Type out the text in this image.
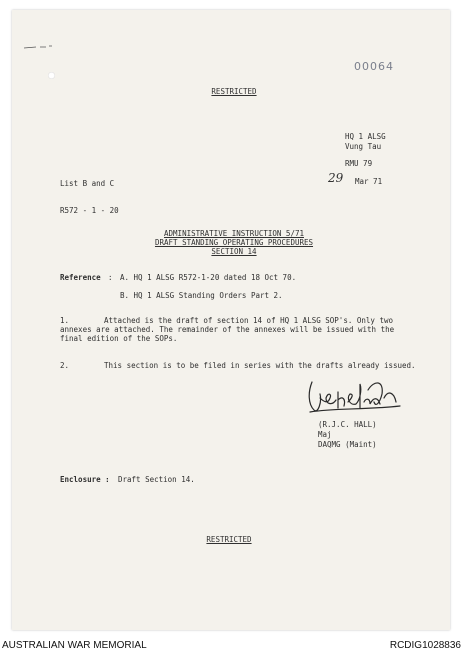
00064
RESTRICTED
HQ 1 ALSG
Vung Tau
RMU 79
29 Mar 71
List B and C
R572 - 1 - 20
ADMINISTRATIVE INSTRUCTION 5/71
DRAFT STANDING OPERATING PROCEDURES
SECTION 14
Reference : A. HQ 1 ALSG R572-1-20 dated 18 Oct 70.
B. HQ 1 ALSG Standing Orders Part 2.
1.	Attached is the draft of section 14 of HQ 1 ALSG SOP's. Only two
annexes are attached. The remainder of the annexes will be issued with the
final edition of the SOPs.
2.	This section is to be filed in series with the drafts already issued.
(R.J.C. HALL)
Maj
DAQMG (Maint)
Enclosure : Draft Section 14.
RESTRICTED
AUSTRALIAN WAR MEMORIAL	RCDIG1028836
